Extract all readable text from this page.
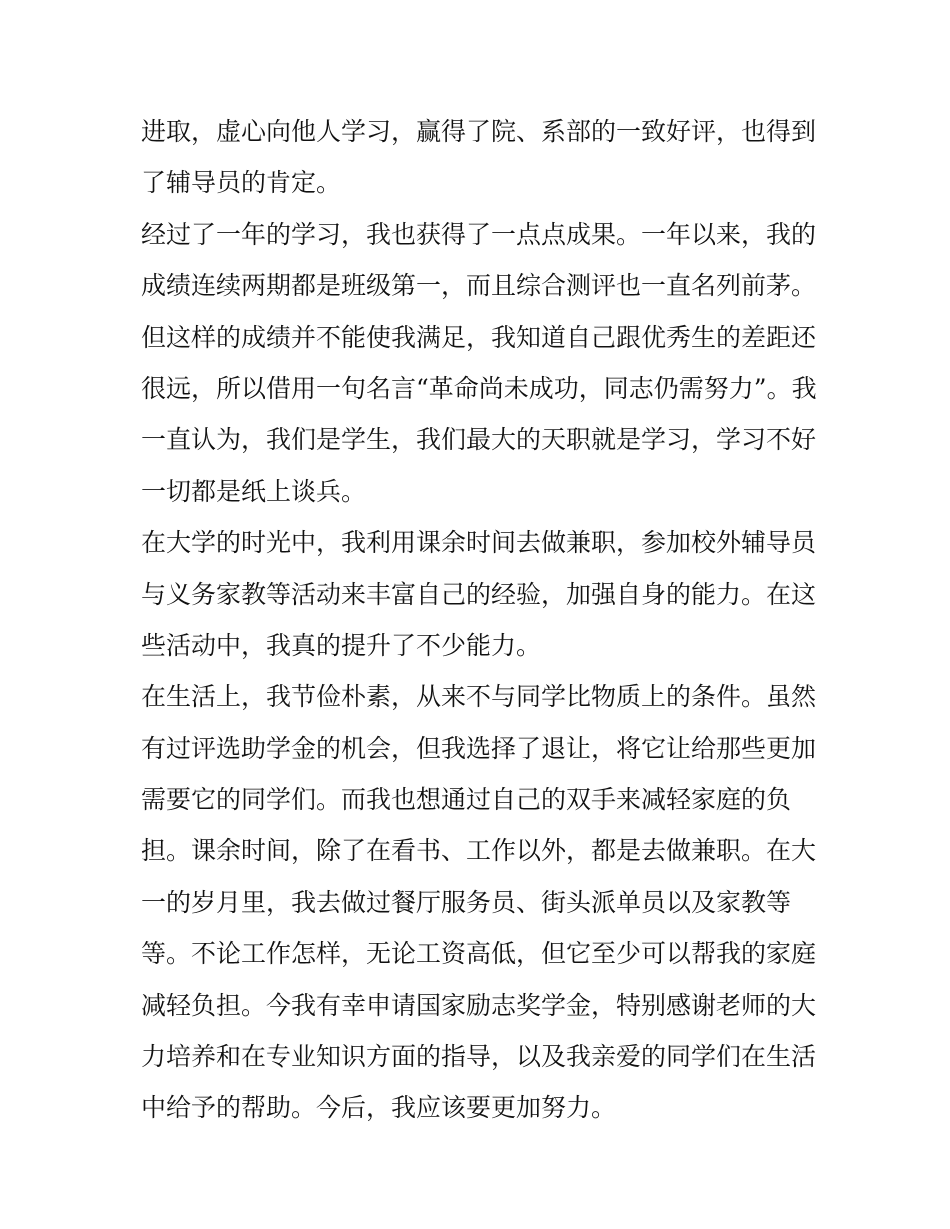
进取，虚心向他人学习，赢得了院、系部的一致好评，也得到
了辅导员的肯定。
经过了一年的学习，我也获得了一点点成果。一年以来，我的
成绩连续两期都是班级第一，而且综合测评也一直名列前茅。
但这样的成绩并不能使我满足，我知道自己跟优秀生的差距还
很远，所以借用一句名言“革命尚未成功，同志仍需努力”。我
一直认为，我们是学生，我们最大的天职就是学习，学习不好
一切都是纸上谈兵。
在大学的时光中，我利用课余时间去做兼职，参加校外辅导员
与义务家教等活动来丰富自己的经验，加强自身的能力。在这
些活动中，我真的提升了不少能力。
在生活上，我节俭朴素，从来不与同学比物质上的条件。虽然
有过评选助学金的机会，但我选择了退让，将它让给那些更加
需要它的同学们。而我也想通过自己的双手来减轻家庭的负
担。课余时间，除了在看书、工作以外，都是去做兼职。在大
一的岁月里，我去做过餐厅服务员、街头派单员以及家教等
等。不论工作怎样，无论工资高低，但它至少可以帮我的家庭
减轻负担。今我有幸申请国家励志奖学金，特别感谢老师的大
力培养和在专业知识方面的指导，以及我亲爱的同学们在生活
中给予的帮助。今后，我应该要更加努力。
